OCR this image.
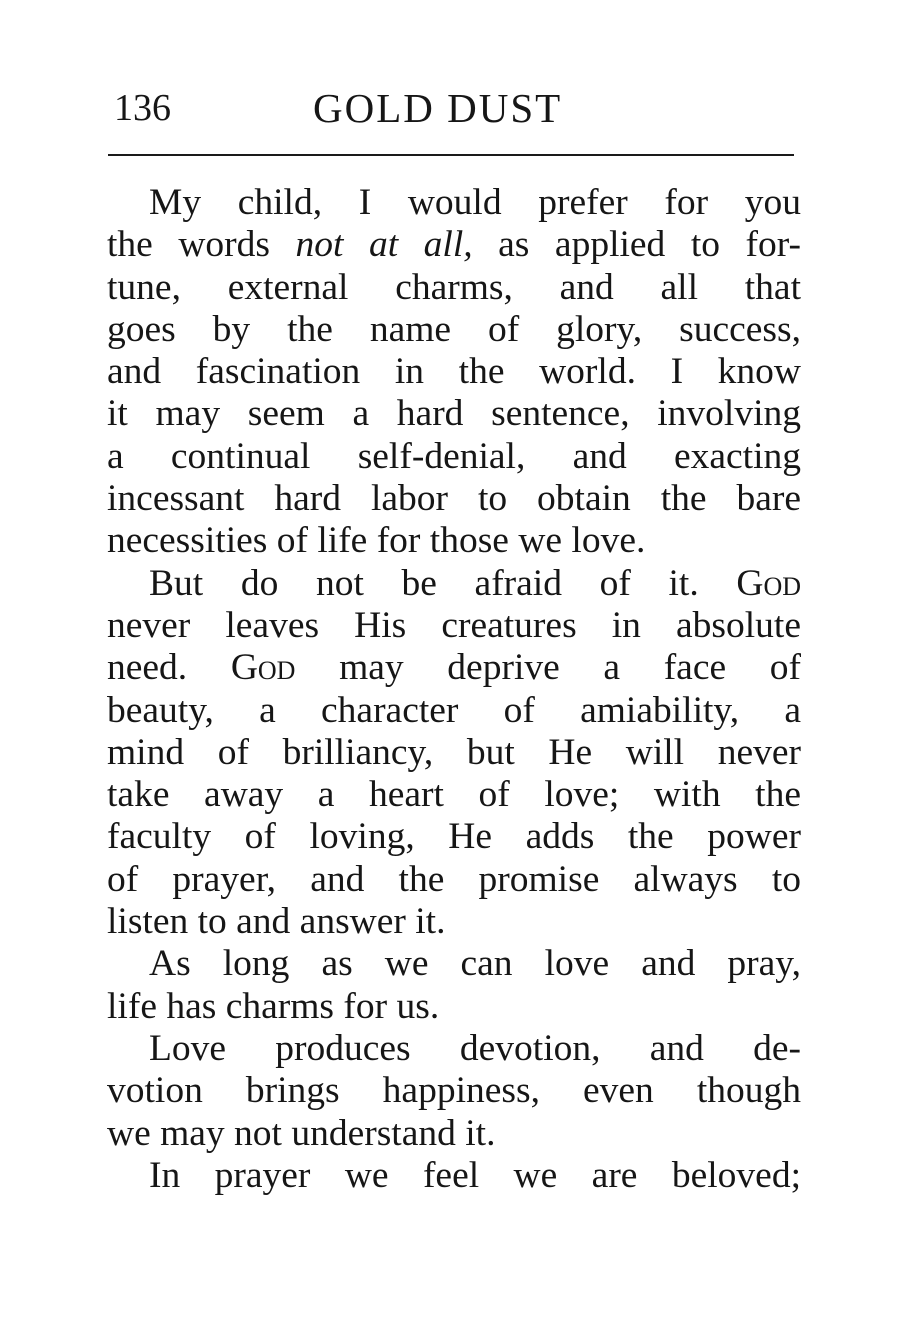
136	GOLD DUST
My child, I would prefer for you
the words not at all, as applied to for-
tune, external charms, and all that
goes by the name of glory, success,
and fascination in the world. I know
it may seem a hard sentence, involving
a continual self-denial, and exacting
incessant hard labor to obtain the bare
necessities of life for those we love.
But do not be afraid of it. God
never leaves His creatures in absolute
need. God may deprive a face of
beauty, a character of amiability, a
mind of brilliancy, but He will never
take away a heart of love; with the
faculty of loving, He adds the power
of prayer, and the promise always to
listen to and answer it.
As long as we can love and pray,
life has charms for us.
Love produces devotion, and de-
votion brings happiness, even though
we may not understand it.
In prayer we feel we are beloved;
